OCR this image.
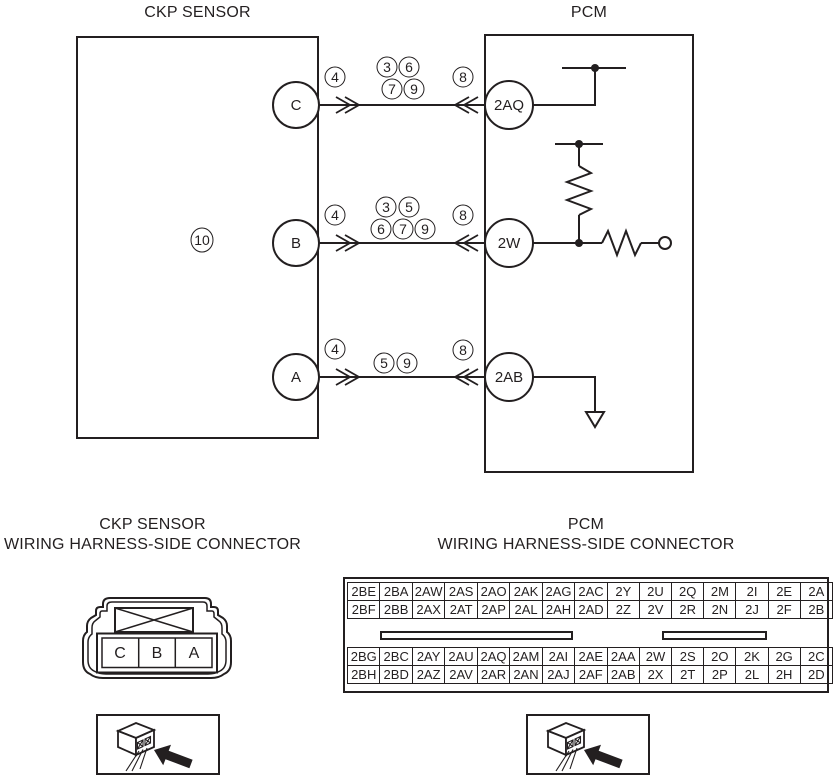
CKP SENSOR	PCM
C
B
A
2AQ
2W
2AB
10
4
3 6
7 9
8
4	3 5
6 7 9
8
4
5 9
8
CKP SENSOR
WIRING HARNESS-SIDE CONNECTOR
C B A
PCM
WIRING HARNESS-SIDE CONNECTOR
2BE	2BA	2AW	2AS	2AO	2AK	2AG	2AC	2Y	2U	2Q	2M	2I	2E	2A
2BF	2BB	2AX	2AT	2AP	2AL	2AH	2AD	2Z	2V	2R	2N	2J	2F	2B
2BG	2BC	2AY	2AU	2AQ	2AM	2AI	2AE	2AA	2W	2S	2O	2K	2G	2C
2BH	2BD	2AZ	2AV	2AR	2AN	2AJ	2AF	2AB	2X	2T	2P	2L	2H	2D
